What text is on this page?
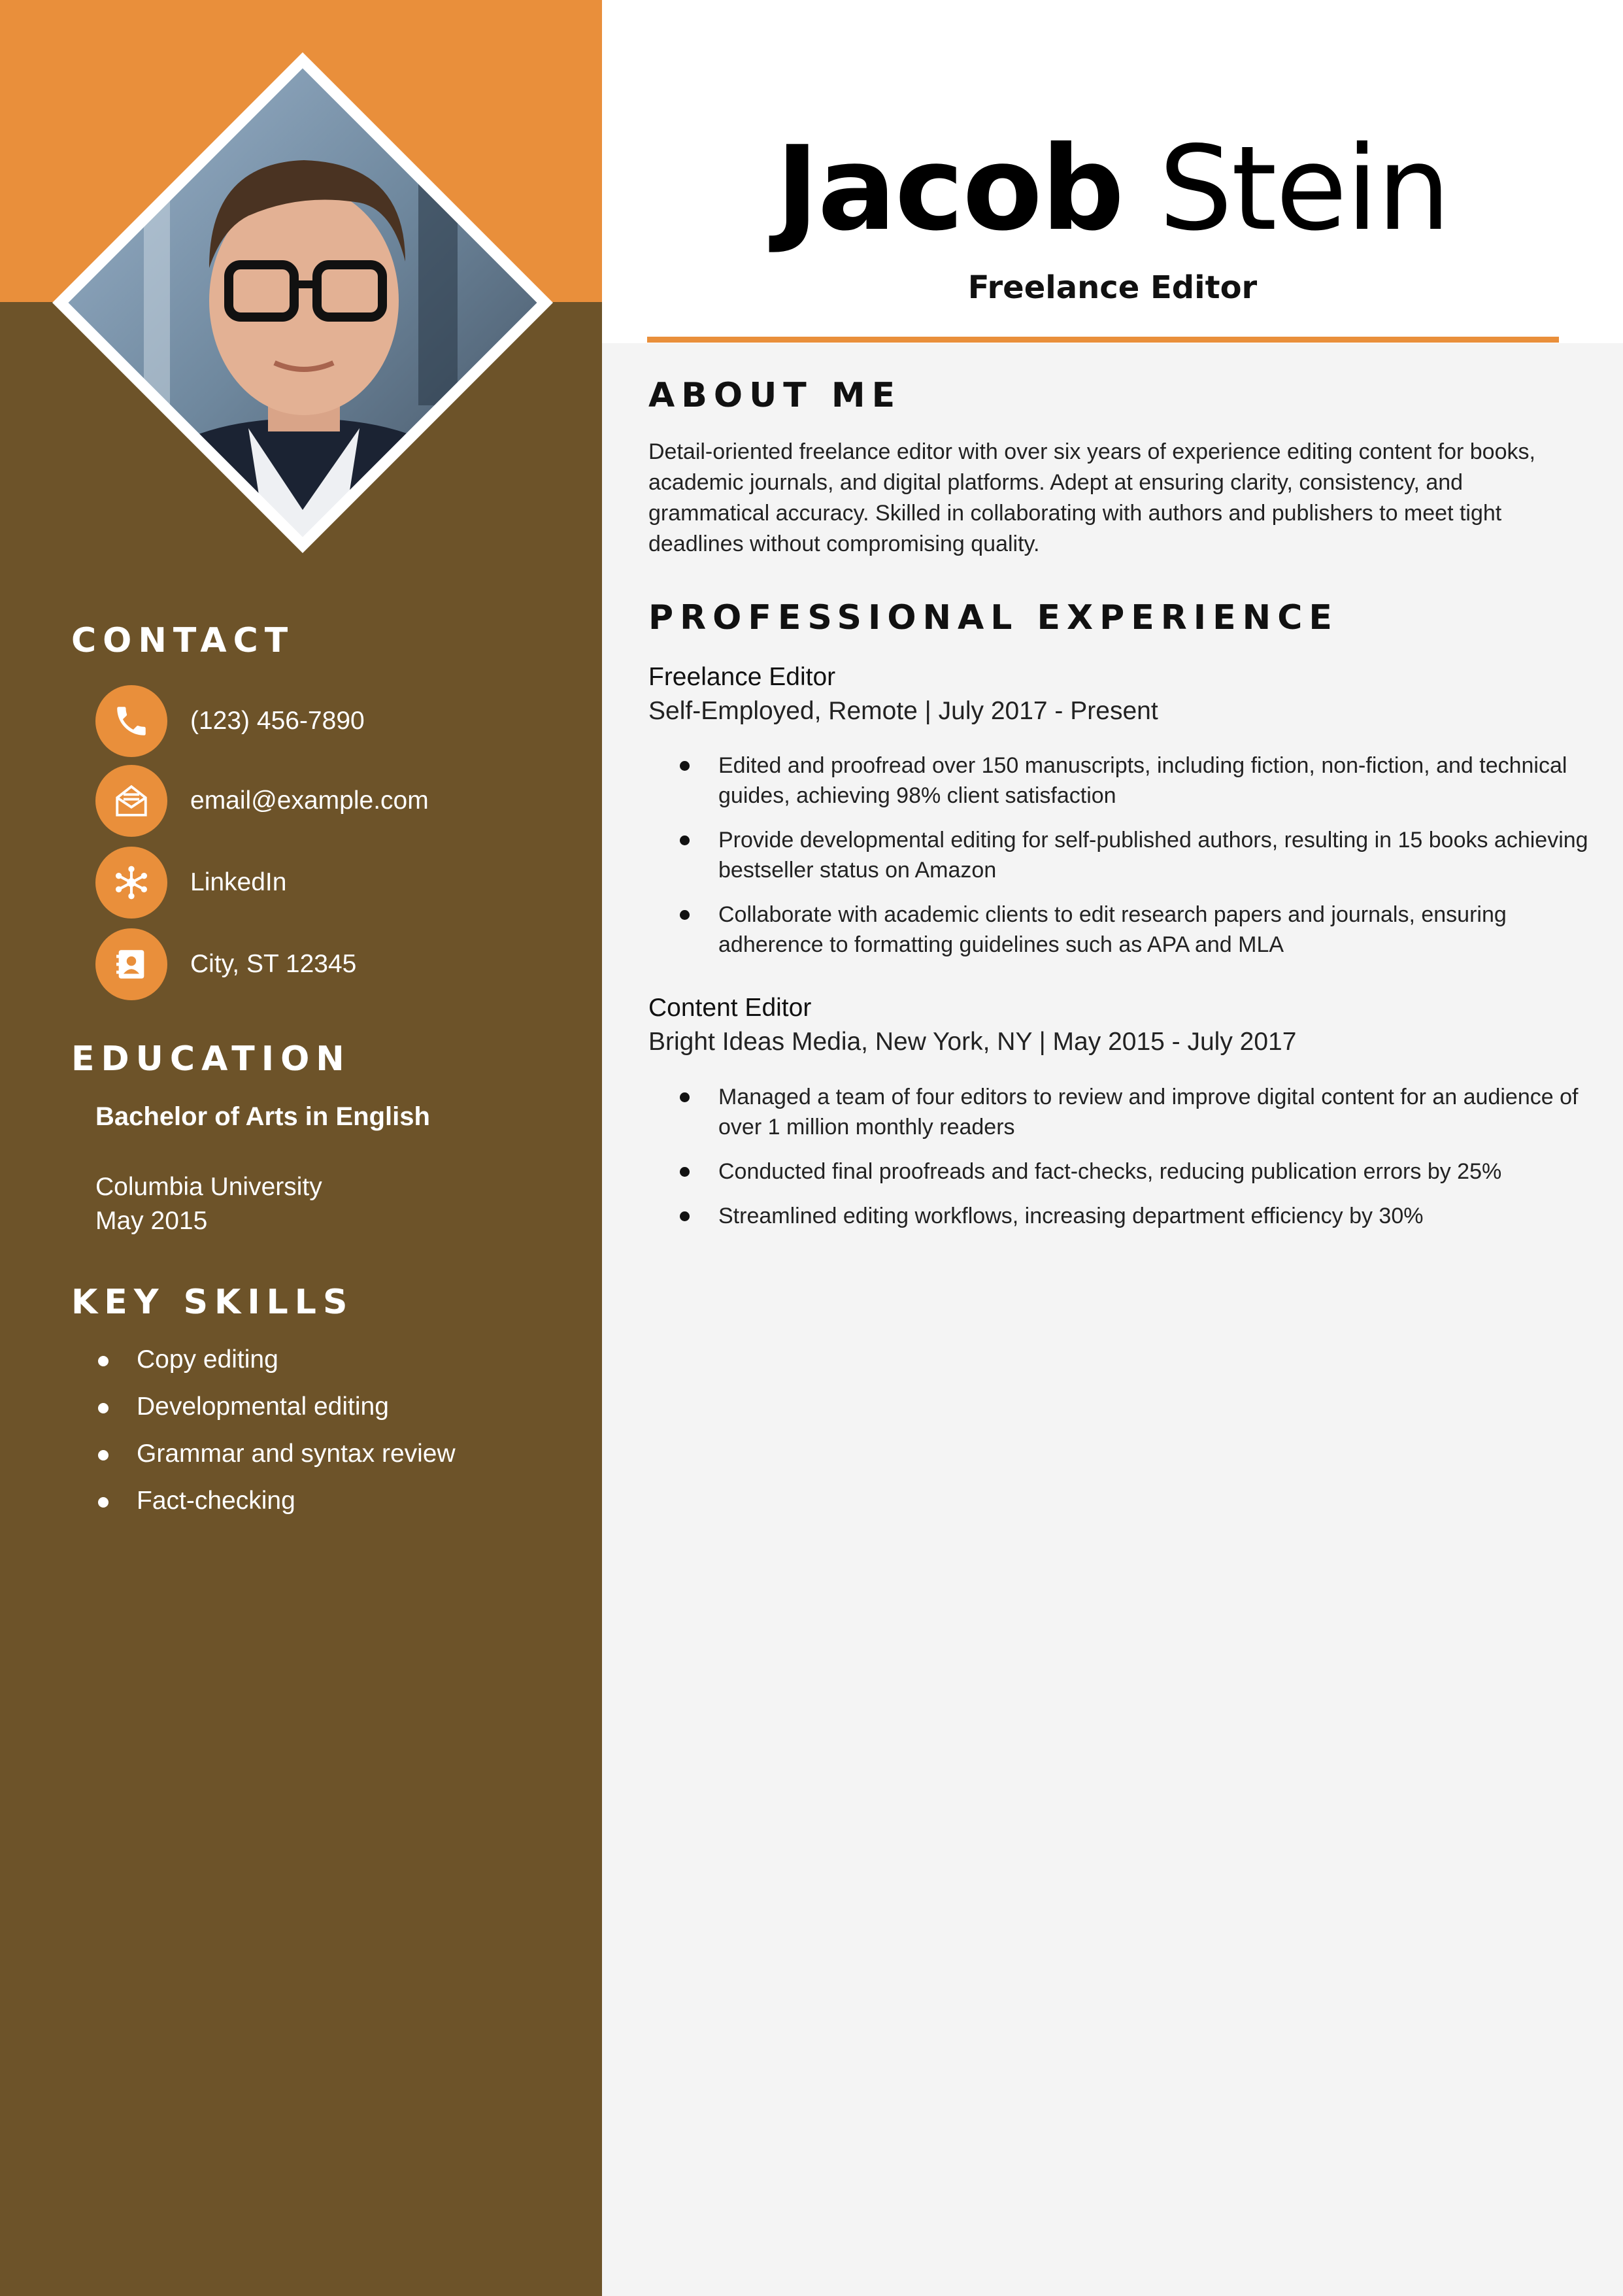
CONTACT
(123) 456-7890
email@example.com
LinkedIn
City, ST 12345
EDUCATION
Bachelor of Arts in English
Columbia University
May 2015
KEY SKILLS
Copy editing
Developmental editing
Grammar and syntax review
Fact-checking
Jacob Stein
Freelance Editor
ABOUT ME

Detail-oriented freelance editor with over six years of experience editing content for books, academic journals, and digital platforms. Adept at ensuring clarity, consistency, and grammatical accuracy. Skilled in collaborating with authors and publishers to meet tight deadlines without compromising quality.

PROFESSIONAL EXPERIENCE
Freelance Editor
Self-Employed, Remote | July 2017 - Present
Edited and proofread over 150 manuscripts, including fiction, non-fiction, and technical guides, achieving 98% client satisfaction
Provide developmental editing for self-published authors, resulting in 15 books achieving bestseller status on Amazon
Collaborate with academic clients to edit research papers and journals, ensuring adherence to formatting guidelines such as APA and MLA
Content Editor
Bright Ideas Media, New York, NY | May 2015 - July 2017
Managed a team of four editors to review and improve digital content for an audience of over 1 million monthly readers
Conducted final proofreads and fact-checks, reducing publication errors by 25%
Streamlined editing workflows, increasing department efficiency by 30%
